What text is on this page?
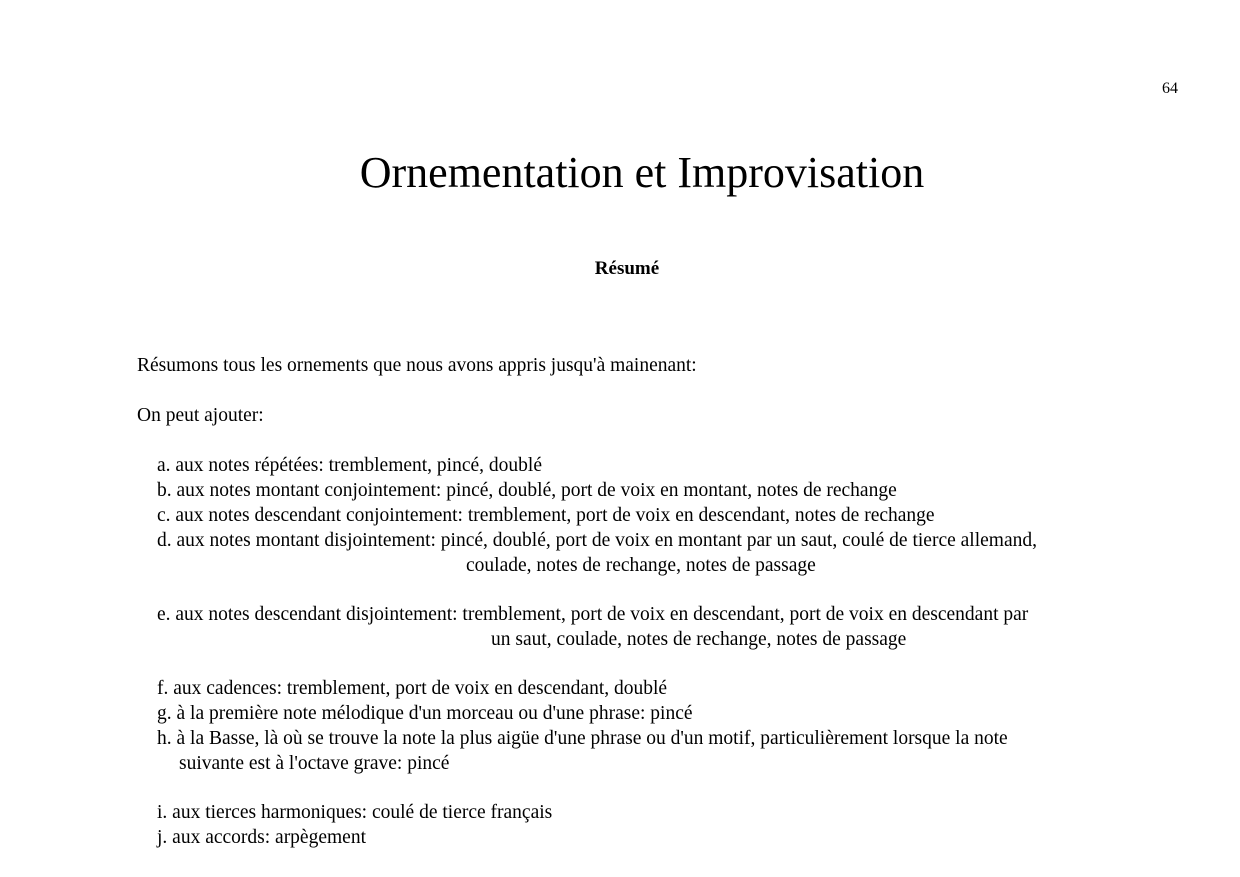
64
Ornementation et Improvisation
Résumé
Résumons tous les ornements que nous avons appris jusqu'à mainenant:
On peut ajouter:
a. aux notes répétées: tremblement, pincé, doublé
b. aux notes montant conjointement: pincé, doublé, port de voix en montant, notes de rechange
c. aux notes descendant conjointement: tremblement, port de voix en descendant, notes de rechange
d. aux notes montant disjointement: pincé, doublé, port de voix en montant par un saut, coulé de tierce allemand,
coulade, notes de rechange, notes de passage
e. aux notes descendant disjointement: tremblement, port de voix en descendant, port de voix en descendant par
un saut, coulade, notes de rechange, notes de passage
f. aux cadences: tremblement, port de voix en descendant, doublé
g. à la première note mélodique d'un morceau ou d'une phrase: pincé
h. à la Basse, là où se trouve la note la plus aigüe d'une phrase ou d'un motif, particulièrement lorsque la note
suivante est à l'octave grave: pincé
i. aux tierces harmoniques: coulé de tierce français
j. aux accords: arpègement
